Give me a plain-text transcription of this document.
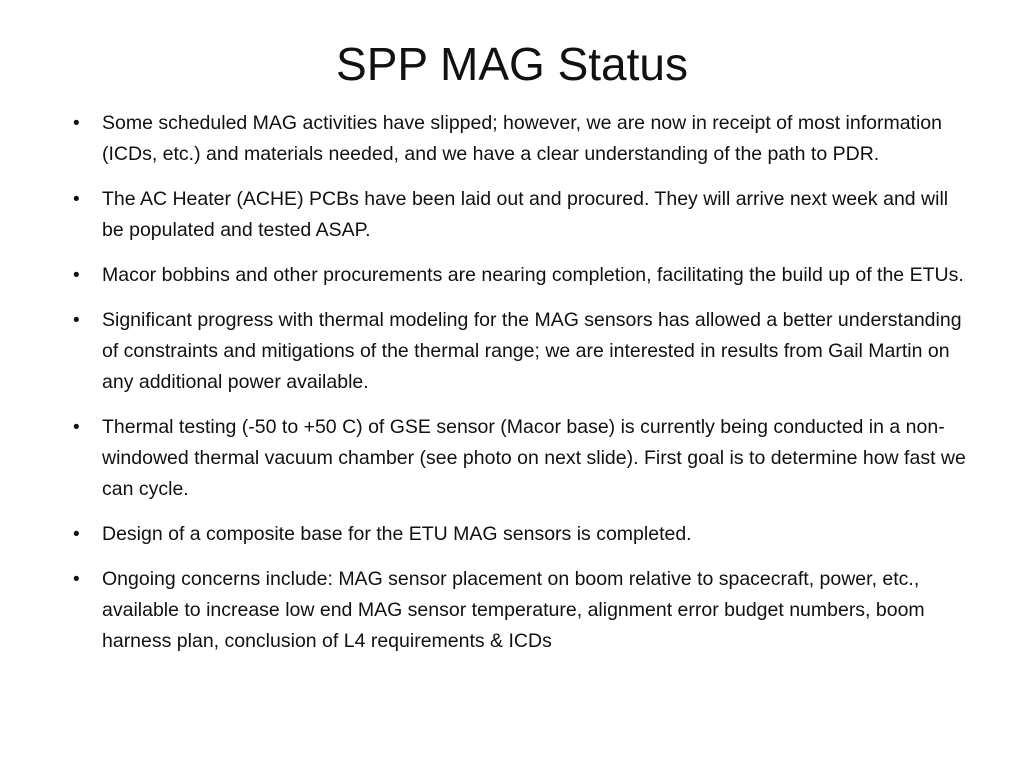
SPP MAG Status
• Some scheduled MAG activities have slipped; however, we are now in receipt of most information (ICDs, etc.) and materials needed, and we have a clear understanding of the path to PDR.
• The AC Heater (ACHE) PCBs have been laid out and procured. They will arrive next week and will be populated and tested ASAP.
• Macor bobbins and other procurements are nearing completion, facilitating the build up of the ETUs.
• Significant progress with thermal modeling for the MAG sensors has allowed a better understanding of constraints and mitigations of the thermal range; we are interested in results from Gail Martin on any additional power available.
• Thermal testing (-50 to +50 C) of GSE sensor (Macor base) is currently being conducted in a non-windowed thermal vacuum chamber (see photo on next slide). First goal is to determine how fast we can cycle.
• Design of a composite base for the ETU MAG sensors is completed.
• Ongoing concerns include: MAG sensor placement on boom relative to spacecraft, power, etc., available to increase low end MAG sensor temperature, alignment error budget numbers, boom harness plan, conclusion of L4 requirements & ICDs
